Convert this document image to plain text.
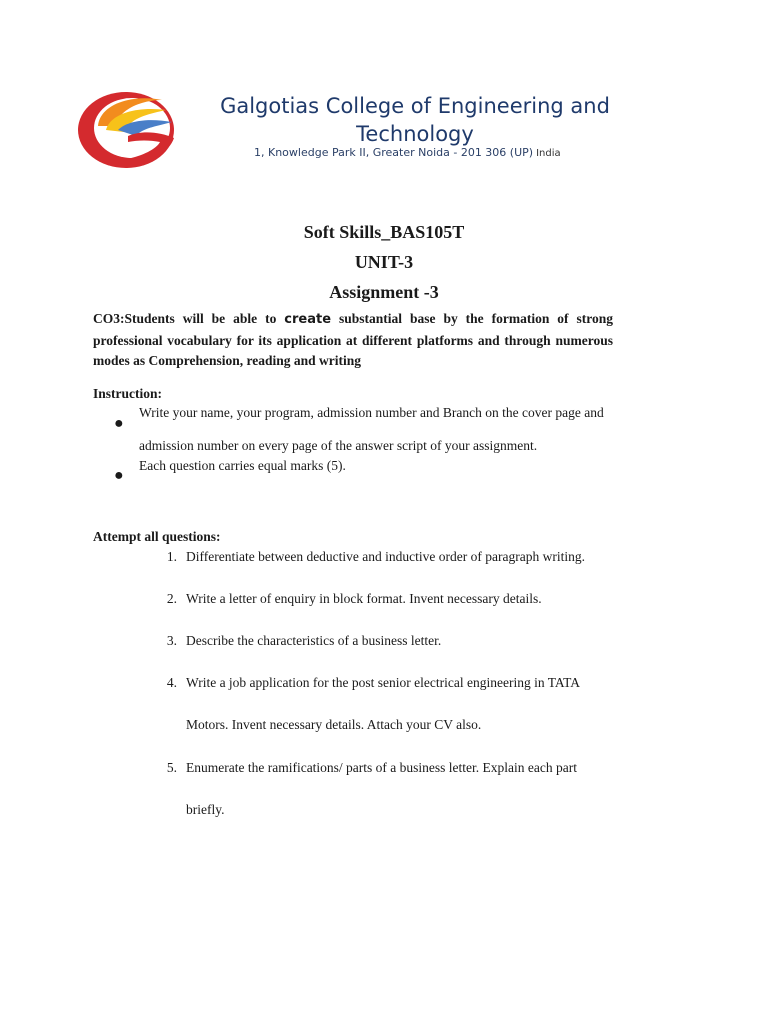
Galgotias College of Engineering and Technology
1, Knowledge Park II, Greater Noida - 201 306 (UP) India
Soft Skills_BAS105T
UNIT-3
Assignment -3
CO3:Students will be able to create substantial base by the formation of strong professional vocabulary for its application at different platforms and through numerous modes as Comprehension, reading and writing
Instruction:
●
Write your name, your program, admission number and Branch on the cover page and
admission number on every page of the answer script of your assignment.
●
Each question carries equal marks (5).
Attempt all questions:
1. Differentiate between deductive and inductive order of paragraph writing.
2. Write a letter of enquiry in block format. Invent necessary details.
3. Describe the characteristics of a business letter.
4. Write a job application for the post senior electrical engineering in TATA
Motors. Invent necessary details. Attach your CV also.
5. Enumerate the ramifications/ parts of a business letter. Explain each part
briefly.
